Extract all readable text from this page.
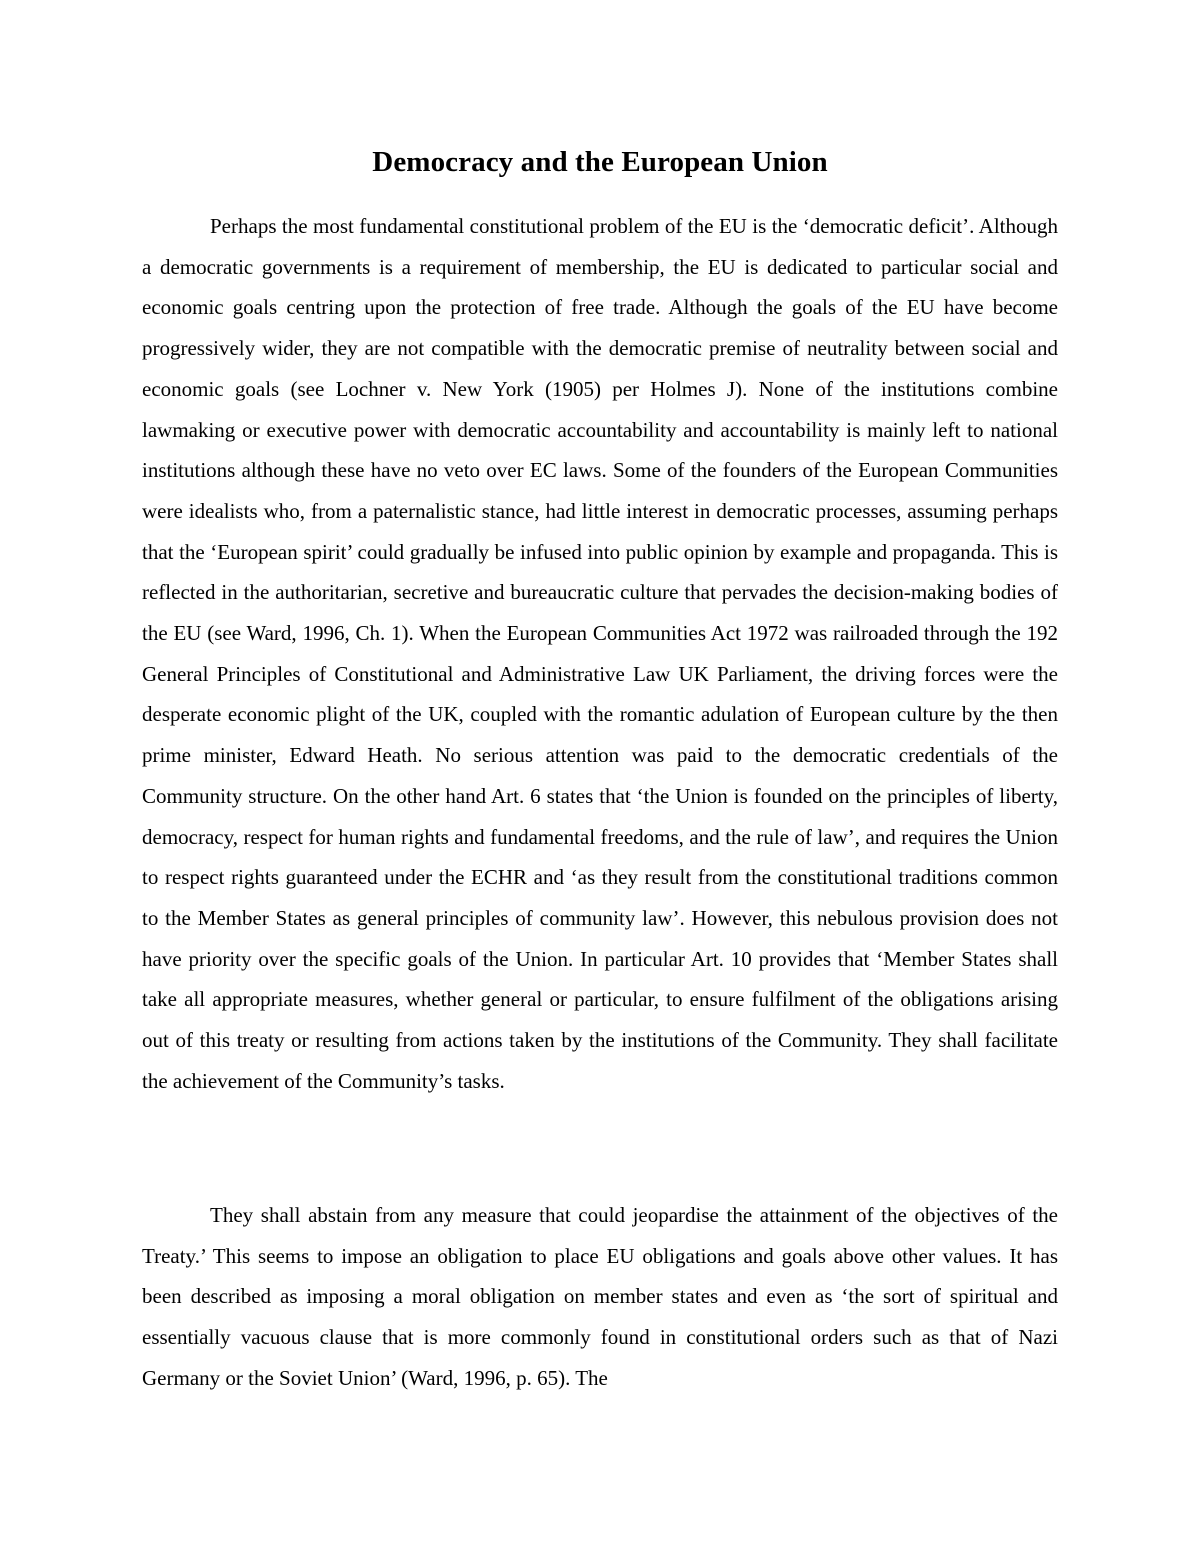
Democracy and the European Union

Perhaps the most fundamental constitutional problem of the EU is the ‘democratic deficit’. Although a democratic governments is a requirement of membership, the EU is dedicated to particular social and economic goals centring upon the protection of free trade. Although the goals of the EU have become progressively wider, they are not compatible with the democratic premise of neutrality between social and economic goals (see Lochner v. New York (1905) per Holmes J). None of the institutions combine lawmaking or executive power with democratic accountability and accountability is mainly left to national institutions although these have no veto over EC laws. Some of the founders of the European Communities were idealists who, from a paternalistic stance, had little interest in democratic processes, assuming perhaps that the ‘European spirit’ could gradually be infused into public opinion by example and propaganda. This is reflected in the authoritarian, secretive and bureaucratic culture that pervades the decision-making bodies of the EU (see Ward, 1996, Ch. 1). When the European Communities Act 1972 was railroaded through the 192 General Principles of Constitutional and Administrative Law UK Parliament, the driving forces were the desperate economic plight of the UK, coupled with the romantic adulation of European culture by the then prime minister, Edward Heath. No serious attention was paid to the democratic credentials of the Community structure. On the other hand Art. 6 states that ‘the Union is founded on the principles of liberty, democracy, respect for human rights and fundamental freedoms, and the rule of law’, and requires the Union to respect rights guaranteed under the ECHR and ‘as they result from the constitutional traditions common to the Member States as general principles of community law’. However, this nebulous provision does not have priority over the specific goals of the Union. In particular Art. 10 provides that ‘Member States shall take all appropriate measures, whether general or particular, to ensure fulfilment of the obligations arising out of this treaty or resulting from actions taken by the institutions of the Community. They shall facilitate the achievement of the Community’s tasks.

They shall abstain from any measure that could jeopardise the attainment of the objectives of the Treaty.’ This seems to impose an obligation to place EU obligations and goals above other values. It has been described as imposing a moral obligation on member states and even as ‘the sort of spiritual and essentially vacuous clause that is more commonly found in constitutional orders such as that of Nazi Germany or the Soviet Union’ (Ward, 1996, p. 65). The
